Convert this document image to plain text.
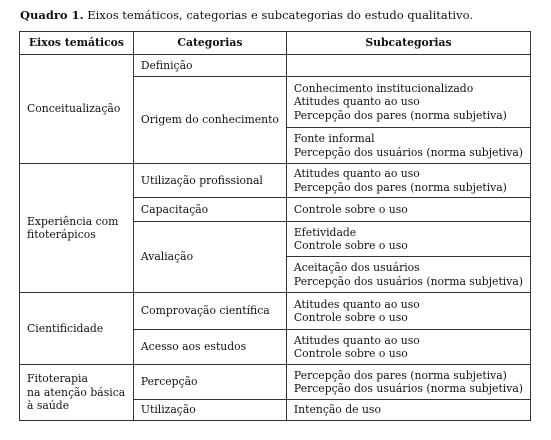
Quadro 1. Eixos temáticos, categorias e subcategorias do estudo qualitativo.
Eixos temáticos	Categorias	Subcategorias

Conceitualização	Definição	

	Origem do conhecimento	Conhecimento institucionalizado
Atitudes quanto ao uso
Percepção dos pares (norma subjetiva)

		Fonte informal
Percepção dos usuários (norma subjetiva)

Experiência com
fitoterápicos	Utilização profissional	Atitudes quanto ao uso
Percepção dos pares (norma subjetiva)

	Capacitação	Controle sobre o uso

	Avaliação	Efetividade
Controle sobre o uso

		Aceitação dos usuários
Percepção dos usuários (norma subjetiva)

Cientificidade	Comprovação científica	Atitudes quanto ao uso
Controle sobre o uso

	Acesso aos estudos	Atitudes quanto ao uso
Controle sobre o uso

Fitoterapia
na atenção básica
à saúde	Percepção	Percepção dos pares (norma subjetiva)
Percepção dos usuários (norma subjetiva)

	Utilização	Intenção de uso
